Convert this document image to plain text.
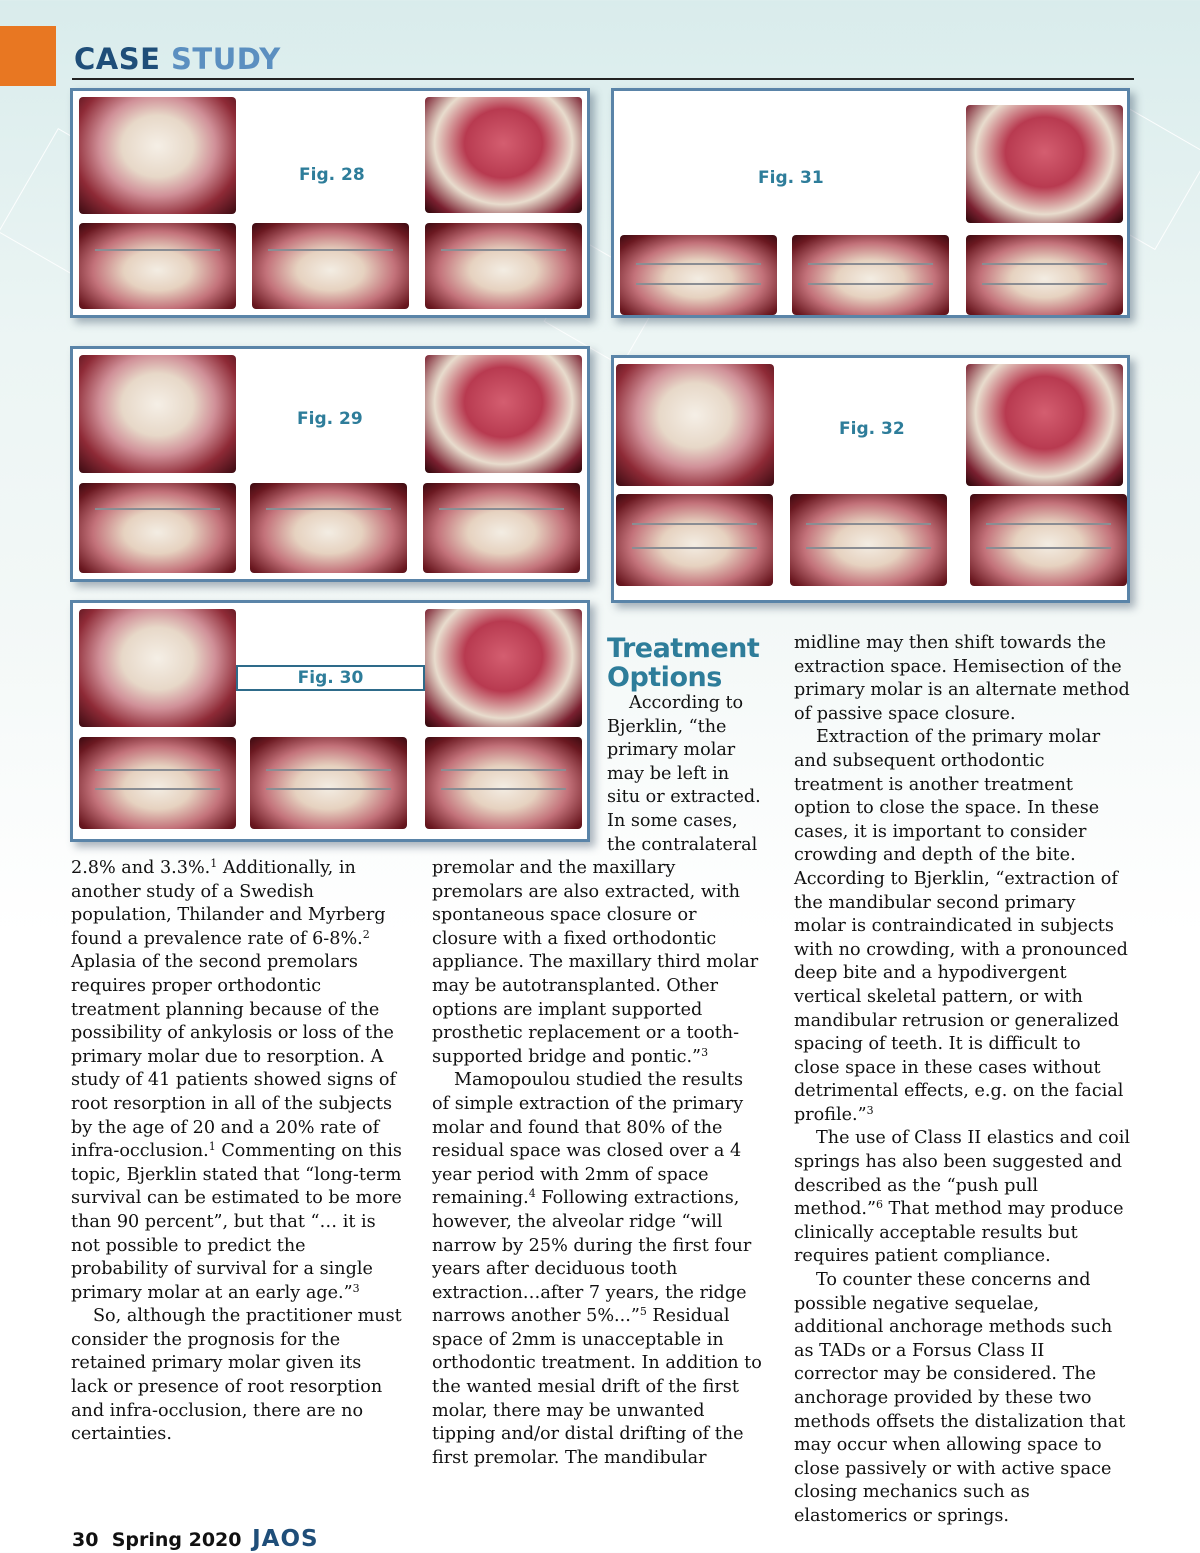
CASE STUDY
Fig. 28
Fig. 29
Fig. 30
Fig. 31
Fig. 32
Treatment
Options

2.8% and 3.3%.$^1$ Additionally, in another study of a Swedish population, Thilander and Myrberg found a prevalence rate of 6-8%.$^2$ Aplasia of the second premolars requires proper orthodontic treatment planning because of the possibility of ankylosis or loss of the primary molar due to resorption. A study of 41 patients showed signs of root resorption in all of the subjects by the age of 20 and a 20% rate of infra-occlusion.$^1$ Commenting on this topic, Bjerklin stated that “long-term survival can be estimated to be more than 90 percent”, but that “… it is not possible to predict the probability of survival for a single primary molar at an early age.”$^3$

So, although the practitioner must consider the prognosis for the retained primary molar given its lack or presence of root resorption and infra-occlusion, there are no certainties.

According to Bjerklin, “the primary molar may be left in situ or extracted. In some cases, the contralateral

premolar and the maxillary premolars are also extracted, with spontaneous space closure or closure with a fixed orthodontic appliance. The maxillary third molar may be autotransplanted. Other options are implant supported prosthetic replacement or a tooth-supported bridge and pontic.”$^3$

Mamopoulou studied the results of simple extraction of the primary molar and found that 80% of the residual space was closed over a 4 year period with 2mm of space remaining.$^4$ Following extractions, however, the alveolar ridge “will narrow by 25% during the first four years after deciduous tooth extraction…after 7 years, the ridge narrows another 5%...”$^5$ Residual space of 2mm is unacceptable in orthodontic treatment. In addition to the wanted mesial drift of the first molar, there may be unwanted tipping and/or distal drifting of the first premolar. The mandibular

midline may then shift towards the extraction space. Hemisection of the primary molar is an alternate method of passive space closure.

Extraction of the primary molar and subsequent orthodontic treatment is another treatment option to close the space. In these cases, it is important to consider crowding and depth of the bite. According to Bjerklin, “extraction of the mandibular second primary molar is contraindicated in subjects with no crowding, with a pronounced deep bite and a hypodivergent vertical skeletal pattern, or with mandibular retrusion or generalized spacing of teeth. It is difficult to close space in these cases without detrimental effects, e.g. on the facial profile.”$^3$

The use of Class II elastics and coil springs has also been suggested and described as the “push pull method.”$^6$ That method may produce clinically acceptable results but requires patient compliance.

To counter these concerns and possible negative sequelae, additional anchorage methods such as TADs or a Forsus Class II corrector may be considered. The anchorage provided by these two methods offsets the distalization that may occur when allowing space to close passively or with active space closing mechanics such as elastomerics or springs.

30 Spring 2020 JAOS
